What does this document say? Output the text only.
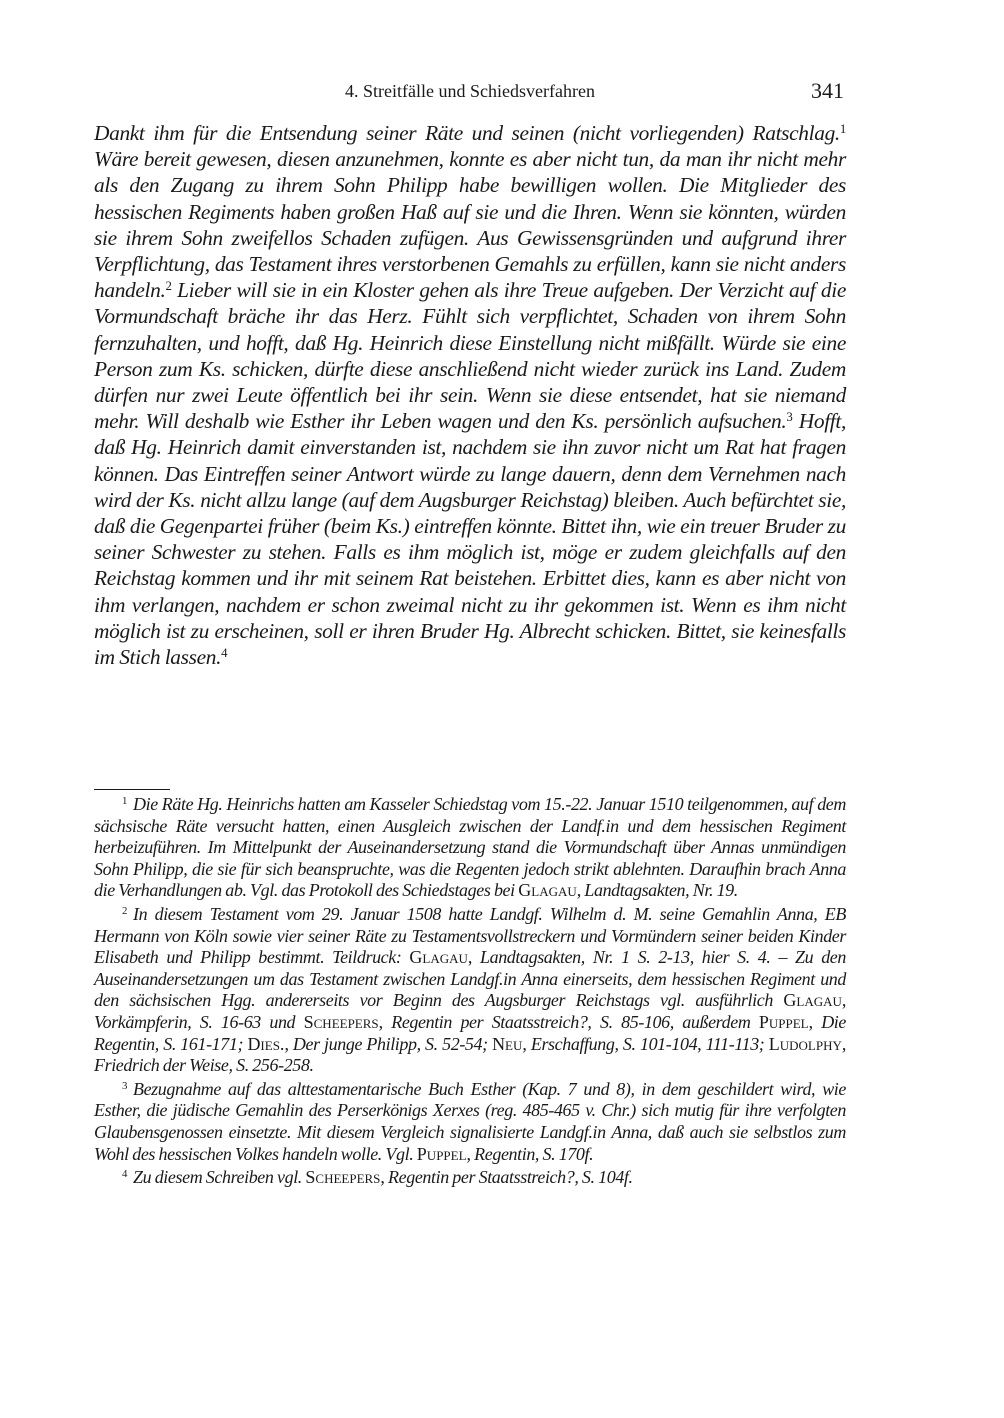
4. Streitfälle und Schiedsverfahren	341

Dankt ihm für die Entsendung seiner Räte und seinen (nicht vorliegenden) Ratschlag.$^1$ Wäre bereit gewesen, diesen anzunehmen, konnte es aber nicht tun, da man ihr nicht mehr als den Zugang zu ihrem Sohn Philipp habe bewilligen wollen. Die Mitglieder des hessischen Regiments haben großen Haß auf sie und die Ihren. Wenn sie könnten, würden sie ihrem Sohn zweifellos Schaden zufügen. Aus Gewissensgründen und aufgrund ihrer Verpflichtung, das Testament ihres verstorbenen Gemahls zu erfüllen, kann sie nicht anders handeln.$^2$ Lieber will sie in ein Kloster gehen als ihre Treue aufgeben. Der Verzicht auf die Vormundschaft bräche ihr das Herz. Fühlt sich verpflichtet, Schaden von ihrem Sohn fernzuhalten, und hofft, daß Hg. Heinrich diese Einstellung nicht mißfällt. Würde sie eine Person zum Ks. schicken, dürfte diese anschließend nicht wieder zurück ins Land. Zudem dürfen nur zwei Leute öffentlich bei ihr sein. Wenn sie diese entsendet, hat sie niemand mehr. Will deshalb wie Esther ihr Leben wagen und den Ks. persönlich aufsuchen.$^3$ Hofft, daß Hg. Heinrich damit einverstanden ist, nachdem sie ihn zuvor nicht um Rat hat fragen können. Das Eintreffen seiner Antwort würde zu lange dauern, denn dem Vernehmen nach wird der Ks. nicht allzu lange (auf dem Augsburger Reichstag) bleiben. Auch befürchtet sie, daß die Gegenpartei früher (beim Ks.) eintreffen könnte. Bittet ihn, wie ein treuer Bruder zu seiner Schwester zu stehen. Falls es ihm möglich ist, möge er zudem gleichfalls auf den Reichstag kommen und ihr mit seinem Rat beistehen. Erbittet dies, kann es aber nicht von ihm verlangen, nachdem er schon zweimal nicht zu ihr gekommen ist. Wenn es ihm nicht möglich ist zu erscheinen, soll er ihren Bruder Hg. Albrecht schicken. Bittet, sie keinesfalls im Stich lassen.$^4$

$^1$ Die Räte Hg. Heinrichs hatten am Kasseler Schiedstag vom 15.-22. Januar 1510 teilgenommen, auf dem sächsische Räte versucht hatten, einen Ausgleich zwischen der Landf.in und dem hessischen Regiment herbeizuführen. Im Mittelpunkt der Auseinandersetzung stand die Vormundschaft über Annas unmündigen Sohn Philipp, die sie für sich beanspruchte, was die Regenten jedoch strikt ablehnten. Daraufhin brach Anna die Verhandlungen ab. Vgl. das Protokoll des Schiedstages bei Glagau, Landtagsakten, Nr. 19.

$^2$ In diesem Testament vom 29. Januar 1508 hatte Landgf. Wilhelm d. M. seine Gemahlin Anna, EB Hermann von Köln sowie vier seiner Räte zu Testamentsvollstreckern und Vormündern seiner beiden Kinder Elisabeth und Philipp bestimmt. Teildruck: Glagau, Landtagsakten, Nr. 1 S. 2-13, hier S. 4. – Zu den Auseinandersetzungen um das Testament zwischen Landgf.in Anna einerseits, dem hessischen Regiment und den sächsischen Hgg. andererseits vor Beginn des Augsburger Reichstags vgl. ausführlich Glagau, Vorkämpferin, S. 16-63 und Scheepers, Regentin per Staatsstreich?, S. 85-106, außerdem Puppel, Die Regentin, S. 161-171; Dies., Der junge Philipp, S. 52-54; Neu, Erschaffung, S. 101-104, 111-113; Ludolphy, Friedrich der Weise, S. 256-258.

$^3$ Bezugnahme auf das alttestamentarische Buch Esther (Kap. 7 und 8), in dem geschildert wird, wie Esther, die jüdische Gemahlin des Perserkönigs Xerxes (reg. 485-465 v. Chr.) sich mutig für ihre verfolgten Glaubensgenossen einsetzte. Mit diesem Vergleich signalisierte Landgf.in Anna, daß auch sie selbstlos zum Wohl des hessischen Volkes handeln wolle. Vgl. Puppel, Regentin, S. 170f.

$^4$ Zu diesem Schreiben vgl. Scheepers, Regentin per Staatsstreich?, S. 104f.
